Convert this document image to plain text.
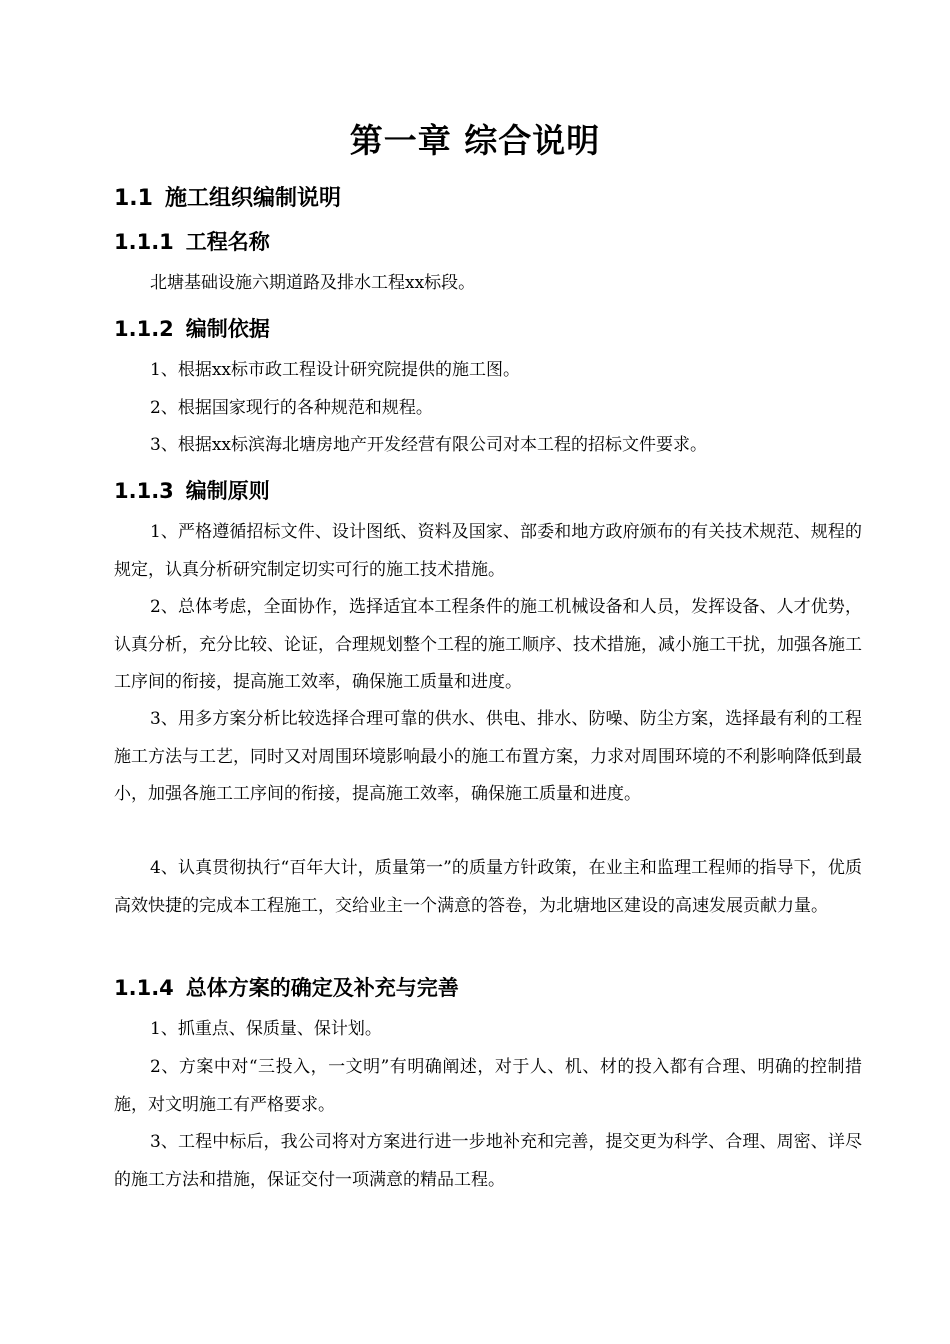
第一章 综合说明
1.1 施工组织编制说明
1.1.1 工程名称

北塘基础设施六期道路及排水工程xx标段。

1.1.2 编制依据

1、根据xx标市政工程设计研究院提供的施工图。

2、根据国家现行的各种规范和规程。

3、根据xx标滨海北塘房地产开发经营有限公司对本工程的招标文件要求。

1.1.3 编制原则

1、严格遵循招标文件、设计图纸、资料及国家、部委和地方政府颁布的有关技术规范、规程的规定，认真分析研究制定切实可行的施工技术措施。

2、总体考虑，全面协作，选择适宜本工程条件的施工机械设备和人员，发挥设备、人才优势，认真分析，充分比较、论证，合理规划整个工程的施工顺序、技术措施，减小施工干扰，加强各施工工序间的衔接，提高施工效率，确保施工质量和进度。

3、用多方案分析比较选择合理可靠的供水、供电、排水、防噪、防尘方案，选择最有利的工程施工方法与工艺，同时又对周围环境影响最小的施工布置方案，力求对周围环境的不利影响降低到最小，加强各施工工序间的衔接，提高施工效率，确保施工质量和进度。

4、认真贯彻执行“百年大计，质量第一”的质量方针政策，在业主和监理工程师的指导下，优质高效快捷的完成本工程施工，交给业主一个满意的答卷，为北塘地区建设的高速发展贡献力量。

1.1.4 总体方案的确定及补充与完善

1、抓重点、保质量、保计划。

2、方案中对“三投入，一文明”有明确阐述，对于人、机、材的投入都有合理、明确的控制措施，对文明施工有严格要求。

3、工程中标后，我公司将对方案进行进一步地补充和完善，提交更为科学、合理、周密、详尽的施工方法和措施，保证交付一项满意的精品工程。
